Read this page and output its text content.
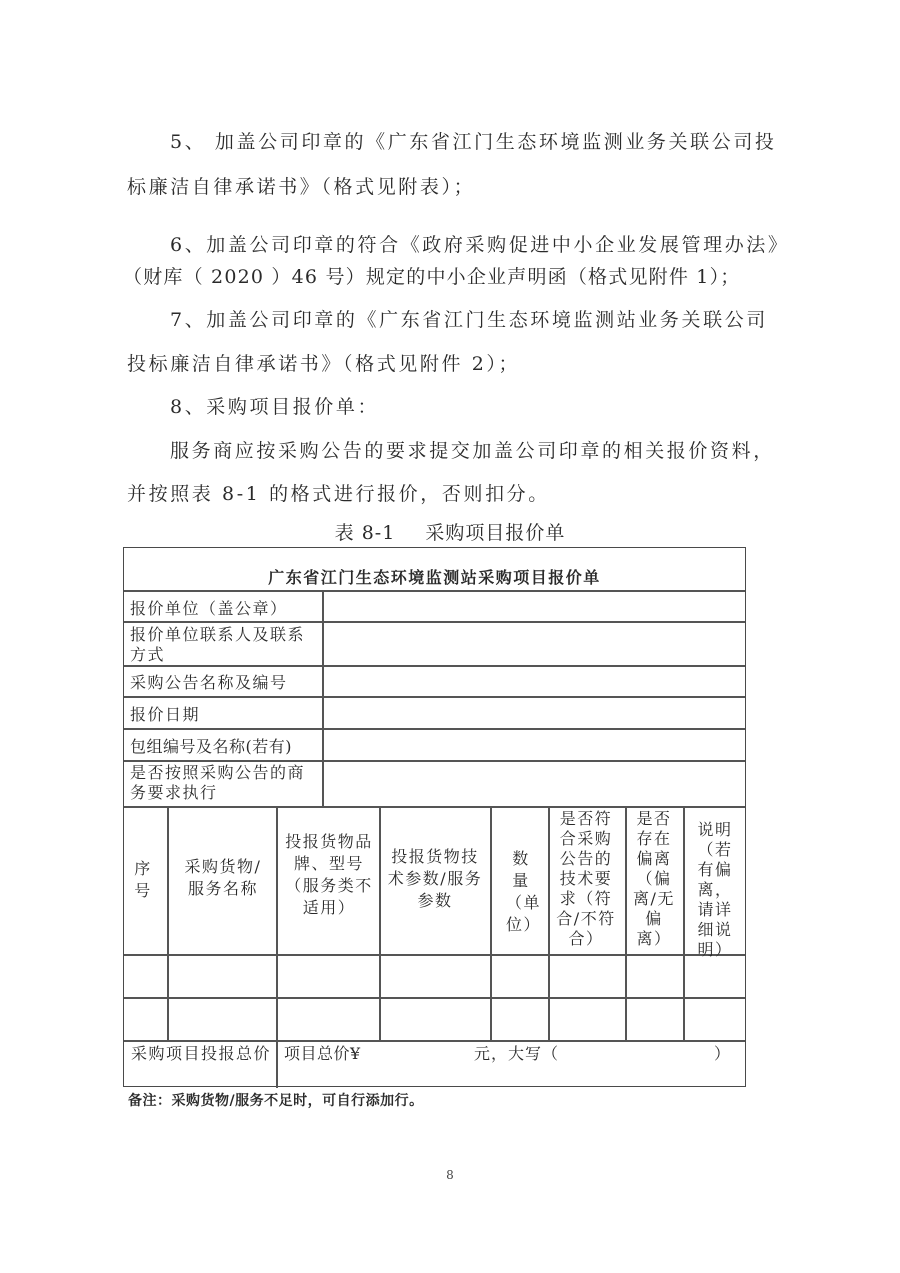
5、 加盖公司印章的《广东省江门生态环境监测业务关联公司投
标廉洁自律承诺书》（格式见附表）；
6、加盖公司印章的符合《政府采购促进中小企业发展管理办法》
（财库（ 2020 ）46 号）规定的中小企业声明函（格式见附件 1）；
7、加盖公司印章的《广东省江门生态环境监测站业务关联公司
投标廉洁自律承诺书》（格式见附件 2）；
8、采购项目报价单：
服务商应按采购公告的要求提交加盖公司印章的相关报价资料，
并按照表 8-1 的格式进行报价，否则扣分。
表 8-1 采购项目报价单
广东省江门生态环境监测站采购项目报价单
报价单位（盖公章）
报价单位联系人及联系方式
采购公告名称及编号
报价日期
包组编号及名称(若有)
是否按照采购公告的商务要求执行
序号
采购货物/服务名称
投报货物品牌、型号（服务类不适用）
投报货物技术参数/服务参数
数量（单位）
是否符合采购公告的技术要求（符合/不符合）
是否存在偏离（偏离/无偏离）
说明（若有偏离，请详细说明）
采购项目投报总价 项目总价¥	元，大写（	）
备注：采购货物/服务不足时，可自行添加行。
8
